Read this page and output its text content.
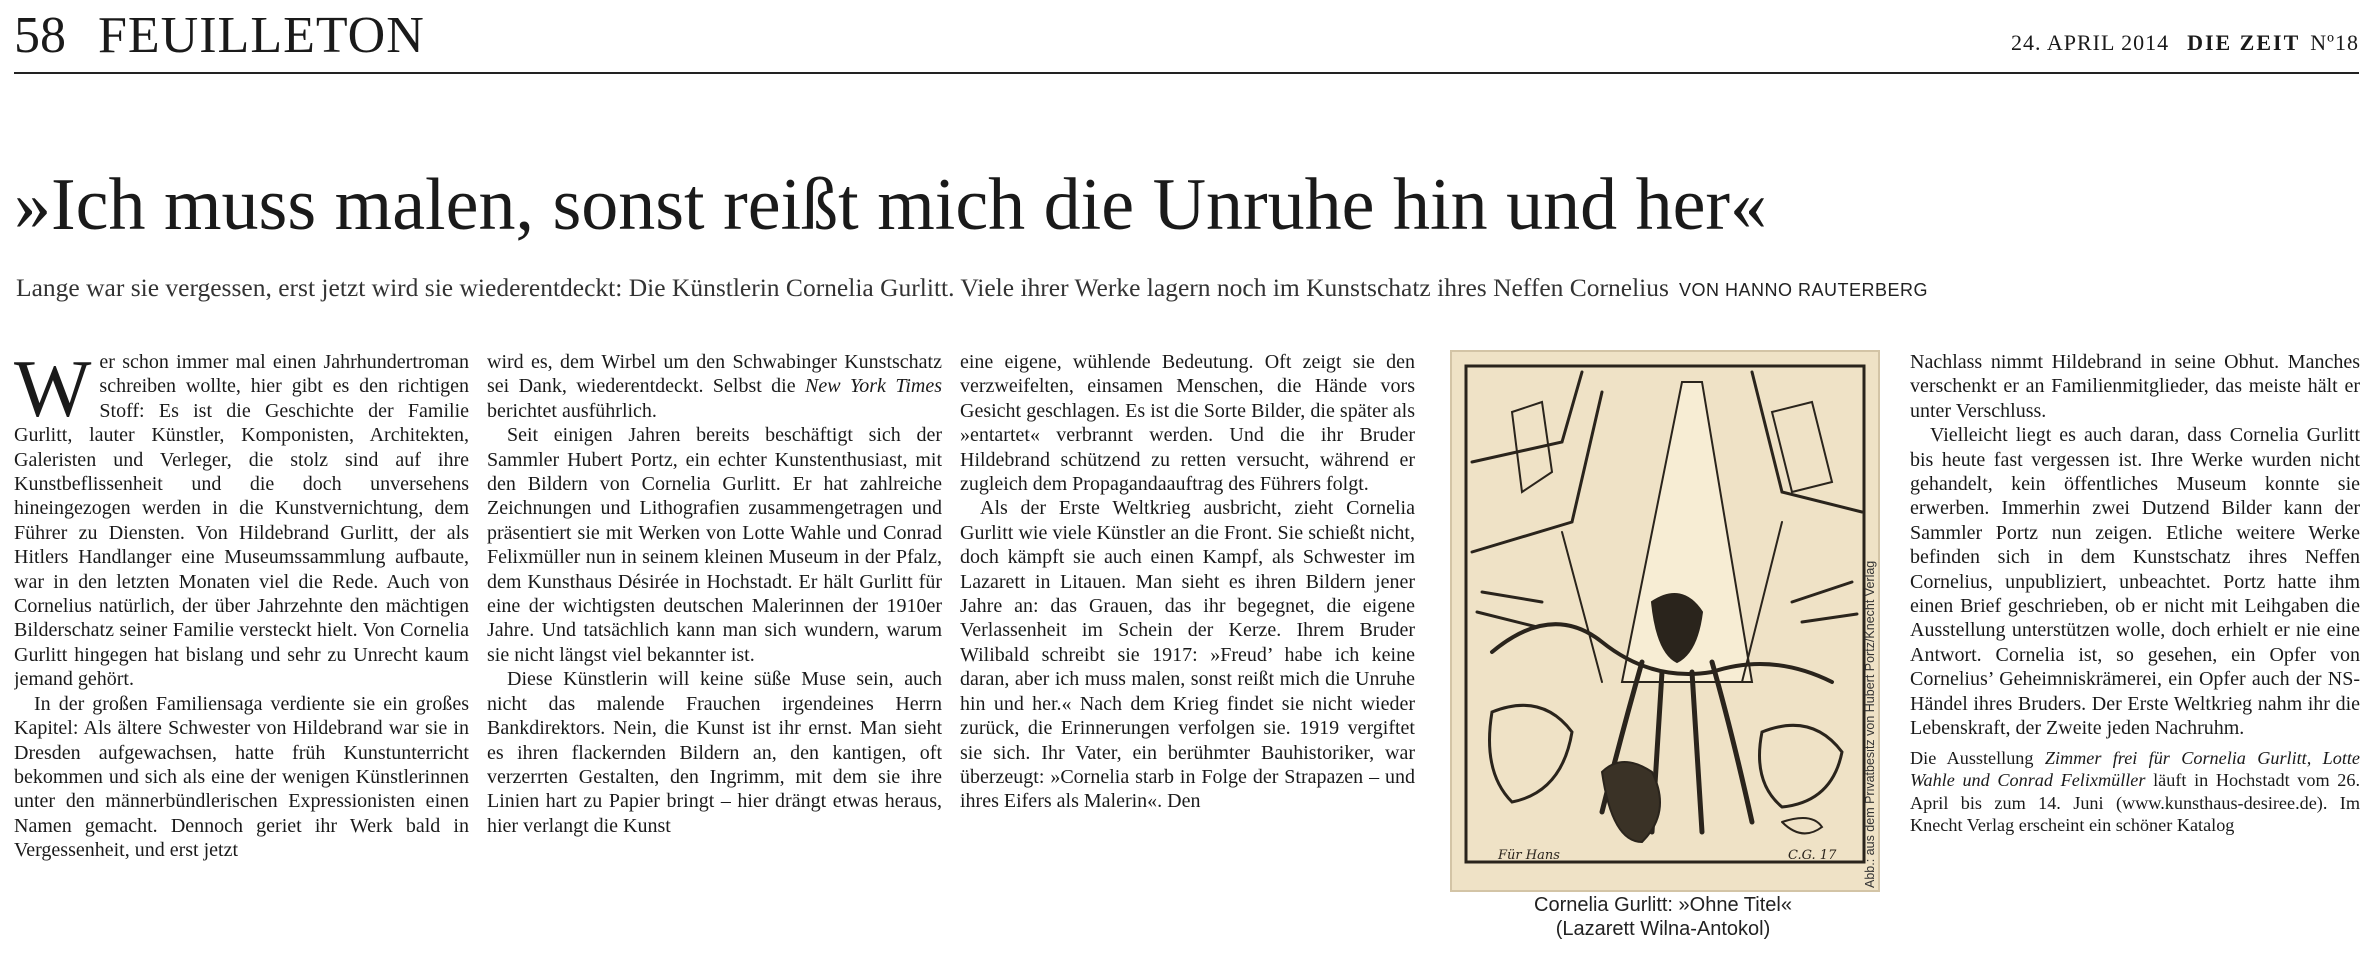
58 FEUILLETON	24. APRIL 2014 DIE ZEIT Nº18
»Ich muss malen, sonst reißt mich die Unruhe hin und her«
Lange war sie vergessen, erst jetzt wird sie wiederentdeckt: Die Künstlerin Cornelia Gurlitt. Viele ihrer Werke lagern noch im Kunstschatz ihres Neffen Cornelius VON HANNO RAUTERBERG

Wer schon immer mal einen Jahrhundertroman schreiben wollte, hier gibt es den richtigen Stoff: Es ist die Geschichte der Familie Gurlitt, lauter Künstler, Komponisten, Architekten, Galeristen und Verleger, die stolz sind auf ihre Kunstbeflissenheit und die doch unversehens hineingezogen werden in die Kunstvernichtung, dem Führer zu Diensten. Von Hildebrand Gurlitt, der als Hitlers Handlanger eine Museumssammlung aufbaute, war in den letzten Monaten viel die Rede. Auch von Cornelius natürlich, der über Jahrzehnte den mächtigen Bilderschatz seiner Familie versteckt hielt. Von Cornelia Gurlitt hingegen hat bislang und sehr zu Unrecht kaum jemand gehört.

In der großen Familiensaga verdiente sie ein großes Kapitel: Als ältere Schwester von Hildebrand war sie in Dresden aufgewachsen, hatte früh Kunstunterricht bekommen und sich als eine der wenigen Künstlerinnen unter den männerbündlerischen Expressionisten einen Namen gemacht. Dennoch geriet ihr Werk bald in Vergessenheit, und erst jetzt

wird es, dem Wirbel um den Schwabinger Kunstschatz sei Dank, wiederentdeckt. Selbst die New York Times berichtet ausführlich.

Seit einigen Jahren bereits beschäftigt sich der Sammler Hubert Portz, ein echter Kunstenthusiast, mit den Bildern von Cornelia Gurlitt. Er hat zahlreiche Zeichnungen und Lithografien zusammengetragen und präsentiert sie mit Werken von Lotte Wahle und Conrad Felixmüller nun in seinem kleinen Museum in der Pfalz, dem Kunsthaus Désirée in Hochstadt. Er hält Gurlitt für eine der wichtigsten deutschen Malerinnen der 1910er Jahre. Und tatsächlich kann man sich wundern, warum sie nicht längst viel bekannter ist.

Diese Künstlerin will keine süße Muse sein, auch nicht das malende Frauchen irgendeines Herrn Bankdirektors. Nein, die Kunst ist ihr ernst. Man sieht es ihren flackernden Bildern an, den kantigen, oft verzerrten Gestalten, den Ingrimm, mit dem sie ihre Linien hart zu Papier bringt – hier drängt etwas heraus, hier verlangt die Kunst

eine eigene, wühlende Bedeutung. Oft zeigt sie den verzweifelten, einsamen Menschen, die Hände vors Gesicht geschlagen. Es ist die Sorte Bilder, die später als »entartet« verbrannt werden. Und die ihr Bruder Hildebrand schützend zu retten versucht, während er zugleich dem Propagandaauftrag des Führers folgt.

Als der Erste Weltkrieg ausbricht, zieht Cornelia Gurlitt wie viele Künstler an die Front. Sie schießt nicht, doch kämpft sie auch einen Kampf, als Schwester im Lazarett in Litauen. Man sieht es ihren Bildern jener Jahre an: das Grauen, das ihr begegnet, die eigene Verlassenheit im Schein der Kerze. Ihrem Bruder Wilibald schreibt sie 1917: »Freud’ habe ich keine daran, aber ich muss malen, sonst reißt mich die Unruhe hin und her.« Nach dem Krieg findet sie nicht wieder zurück, die Erinnerungen verfolgen sie. 1919 vergiftet sie sich. Ihr Vater, ein berühmter Bauhistoriker, war überzeugt: »Cornelia starb in Folge der Strapazen – und ihres Eifers als Malerin«. Den

Für Hans	C.G. 17 Abb.: aus dem Privatbesitz von Hubert Portz/Knecht Verlag
Cornelia Gurlitt: »Ohne Titel«
(Lazarett Wilna-Antokol)

Nachlass nimmt Hildebrand in seine Obhut. Manches verschenkt er an Familienmitglieder, das meiste hält er unter Verschluss.

Vielleicht liegt es auch daran, dass Cornelia Gurlitt bis heute fast vergessen ist. Ihre Werke wurden nicht gehandelt, kein öffentliches Museum konnte sie erwerben. Immerhin zwei Dutzend Bilder kann der Sammler Portz nun zeigen. Etliche weitere Werke befinden sich in dem Kunstschatz ihres Neffen Cornelius, unpubliziert, unbeachtet. Portz hatte ihm einen Brief geschrieben, ob er nicht mit Leihgaben die Ausstellung unterstützen wolle, doch erhielt er nie eine Antwort. Cornelia ist, so gesehen, ein Opfer von Cornelius’ Geheimniskrämerei, ein Opfer auch der NS-Händel ihres Bruders. Der Erste Weltkrieg nahm ihr die Lebenskraft, der Zweite jeden Nachruhm.

Die Ausstellung Zimmer frei für Cornelia Gurlitt, Lotte Wahle und Conrad Felixmüller läuft in Hochstadt vom 26. April bis zum 14. Juni (www.kunsthaus-desiree.de). Im Knecht Verlag erscheint ein schöner Katalog
